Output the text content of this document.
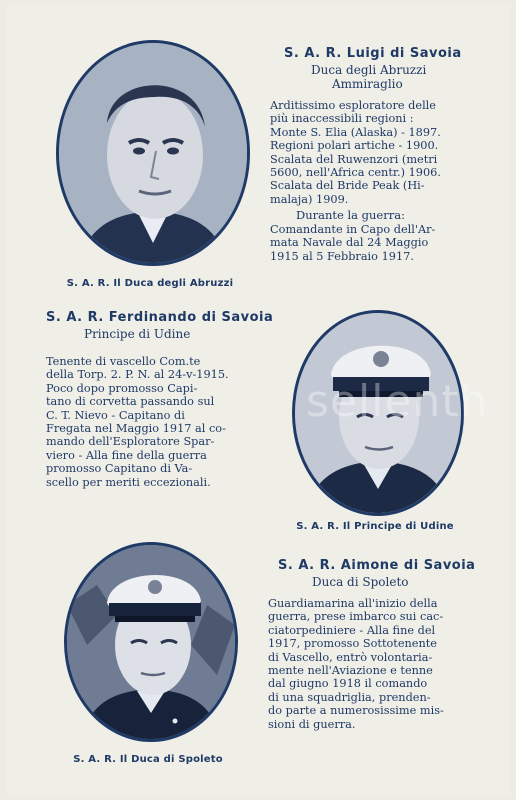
S. A. R. Il Duca degli Abruzzi
S. A. R. Luigi di Savoia
Duca degli Abruzzi
Ammiraglio
Arditissimo esploratore delle
più inaccessibili regioni :
Monte S. Elia (Alaska) - 1897.
Regioni polari artiche - 1900.
Scalata del Ruwenzori (metri
5600, nell'Africa centr.) 1906.
Scalata del Bride Peak (Hi-
malaja) 1909.
Durante la guerra:
Comandante in Capo dell'Ar-
mata Navale dal 24 Maggio
1915 al 5 Febbraio 1917.
S. A. R. Ferdinando di Savoia
Principe di Udine
Tenente di vascello Com.te
della Torp. 2. P. N. al 24-v-1915.
Poco dopo promosso Capi-
tano di corvetta passando sul
C. T. Nievo - Capitano di
Fregata nel Maggio 1917 al co-
mando dell'Esploratore Spar-
viero - Alla fine della guerra
promosso Capitano di Va-
scello per meriti eccezionali.
S. A. R. Il Principe di Udine
S. A. R. Il Duca di Spoleto
S. A. R. Aimone di Savoia
Duca di Spoleto
Guardiamarina all'inizio della
guerra, prese imbarco sui cac-
ciatorpediniere - Alla fine del
1917, promosso Sottotenente
di Vascello, entrò volontaria-
mente nell'Aviazione e tenne
dal giugno 1918 il comando
di una squadriglia, prenden-
do parte a numerosissime mis-
sioni di guerra.
sellenth
